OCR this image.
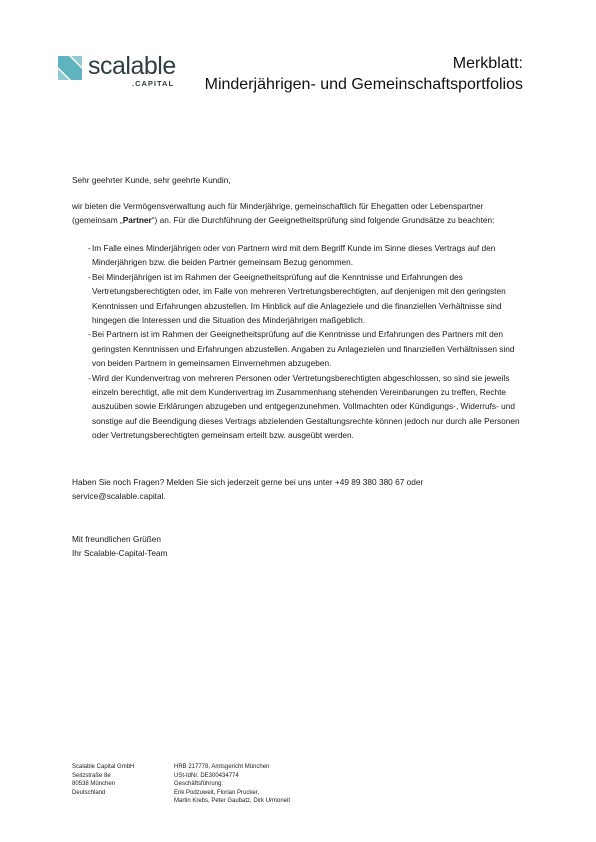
scalable
.CAPITAL
Merkblatt:
Minderjährigen- und Gemeinschaftsportfolios
Sehr geehrter Kunde, sehr geehrte Kundin,
wir bieten die Vermögensverwaltung auch für Minderjährige, gemeinschaftlich für Ehegatten oder Lebenspartner (gemeinsam „Partner“) an. Für die Durchführung der Geeignetheitsprüfung sind folgende Grundsätze zu beachten:
- Im Falle eines Minderjährigen oder von Partnern wird mit dem Begriff Kunde im Sinne dieses Vertrags auf den Minderjährigen bzw. die beiden Partner gemeinsam Bezug genommen.
- Bei Minderjährigen ist im Rahmen der Geeignetheitsprüfung auf die Kenntnisse und Erfahrungen des Vertretungsberechtigten oder, im Falle von mehreren Vertretungsberechtigten, auf denjenigen mit den geringsten Kenntnissen und Erfahrungen abzustellen. Im Hinblick auf die Anlageziele und die finanziellen Verhältnisse sind hingegen die Interessen und die Situation des Minderjährigen maßgeblich.
- Bei Partnern ist im Rahmen der Geeignetheitsprüfung auf die Kenntnisse und Erfahrungen des Partners mit den geringsten Kenntnissen und Erfahrungen abzustellen. Angaben zu Anlagezielen und finanziellen Verhältnissen sind von beiden Partnern in gemeinsamen Einvernehmen abzugeben.
- Wird der Kundenvertrag von mehreren Personen oder Vertretungsberechtigten abgeschlossen, so sind sie jeweils einzeln berechtigt, alle mit dem Kundenvertrag im Zusammenhang stehenden Vereinbarungen zu treffen, Rechte auszuüben sowie Erklärungen abzugeben und entgegenzunehmen. Vollmachten oder Kündigungs-, Widerrufs- und sonstige auf die Beendigung dieses Vertrags abzielenden Gestaltungsrechte können jedoch nur durch alle Personen oder Vertretungsberechtigten gemeinsam erteilt bzw. ausgeübt werden.
Haben Sie noch Fragen? Melden Sie sich jederzeit gerne bei uns unter +49 89 380 380 67 oder service@scalable.capital.
Mit freundlichen Grüßen
Ihr Scalable-Capital-Team
Scalable Capital GmbH
Seitzstraße 8e
80538 München
Deutschland
HRB 217778, Amtsgericht München
USt-IdNr. DE300434774
Geschäftsführung:
Erik Podzuweit, Florian Prucker,
Martin Krebs, Peter Gaubatz, Dirk Urmoneit
